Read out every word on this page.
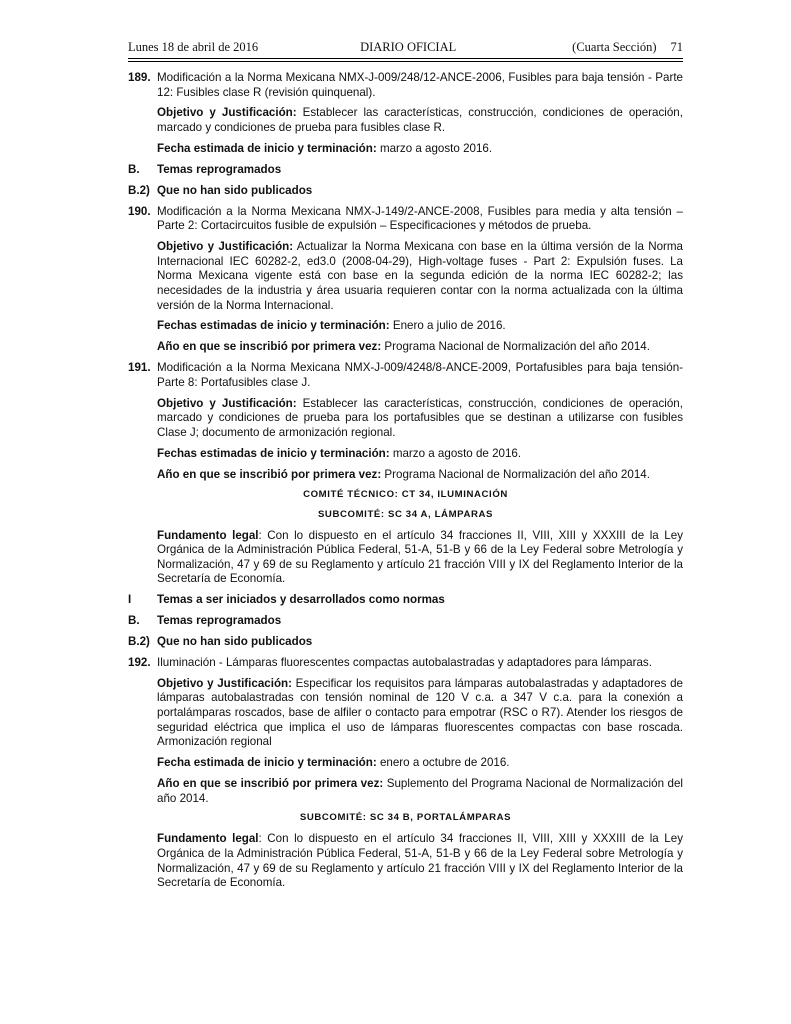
Lunes 18 de abril de 2016	DIARIO OFICIAL	(Cuarta Sección) 71
189. Modificación a la Norma Mexicana NMX-J-009/248/12-ANCE-2006, Fusibles para baja tensión - Parte 12: Fusibles clase R (revisión quinquenal).
Objetivo y Justificación: Establecer las características, construcción, condiciones de operación, marcado y condiciones de prueba para fusibles clase R.
Fecha estimada de inicio y terminación: marzo a agosto 2016.
B.	Temas reprogramados
B.2) Que no han sido publicados
190. Modificación a la Norma Mexicana NMX-J-149/2-ANCE-2008, Fusibles para media y alta tensión – Parte 2: Cortacircuitos fusible de expulsión – Especificaciones y métodos de prueba.
Objetivo y Justificación: Actualizar la Norma Mexicana con base en la última versión de la Norma Internacional IEC 60282-2, ed3.0 (2008-04-29), High-voltage fuses - Part 2: Expulsión fuses. La Norma Mexicana vigente está con base en la segunda edición de la norma IEC 60282-2; las necesidades de la industria y área usuaria requieren contar con la norma actualizada con la última versión de la Norma Internacional.
Fechas estimadas de inicio y terminación: Enero a julio de 2016.
Año en que se inscribió por primera vez: Programa Nacional de Normalización del año 2014.
191. Modificación a la Norma Mexicana NMX-J-009/4248/8-ANCE-2009, Portafusibles para baja tensión- Parte 8: Portafusibles clase J.
Objetivo y Justificación: Establecer las características, construcción, condiciones de operación, marcado y condiciones de prueba para los portafusibles que se destinan a utilizarse con fusibles Clase J; documento de armonización regional.
Fechas estimadas de inicio y terminación: marzo a agosto de 2016.
Año en que se inscribió por primera vez: Programa Nacional de Normalización del año 2014.
COMITÉ TÉCNICO: CT 34, ILUMINACIÓN
SUBCOMITÉ: SC 34 A, LÁMPARAS
Fundamento legal: Con lo dispuesto en el artículo 34 fracciones II, VIII, XIII y XXXIII de la Ley Orgánica de la Administración Pública Federal, 51-A, 51-B y 66 de la Ley Federal sobre Metrología y Normalización, 47 y 69 de su Reglamento y artículo 21 fracción VIII y IX del Reglamento Interior de la Secretaría de Economía.
I	Temas a ser iniciados y desarrollados como normas
B.	Temas reprogramados
B.2) Que no han sido publicados
192. Iluminación - Lámparas fluorescentes compactas autobalastradas y adaptadores para lámparas.
Objetivo y Justificación: Especificar los requisitos para lámparas autobalastradas y adaptadores de lámparas autobalastradas con tensión nominal de 120 V c.a. a 347 V c.a. para la conexión a portalámparas roscados, base de alfiler o contacto para empotrar (RSC o R7). Atender los riesgos de seguridad eléctrica que implica el uso de lámparas fluorescentes compactas con base roscada. Armonización regional
Fecha estimada de inicio y terminación: enero a octubre de 2016.
Año en que se inscribió por primera vez: Suplemento del Programa Nacional de Normalización del año 2014.
SUBCOMITÉ: SC 34 B, PORTALÁMPARAS
Fundamento legal: Con lo dispuesto en el artículo 34 fracciones II, VIII, XIII y XXXIII de la Ley Orgánica de la Administración Pública Federal, 51-A, 51-B y 66 de la Ley Federal sobre Metrología y Normalización, 47 y 69 de su Reglamento y artículo 21 fracción VIII y IX del Reglamento Interior de la Secretaría de Economía.
